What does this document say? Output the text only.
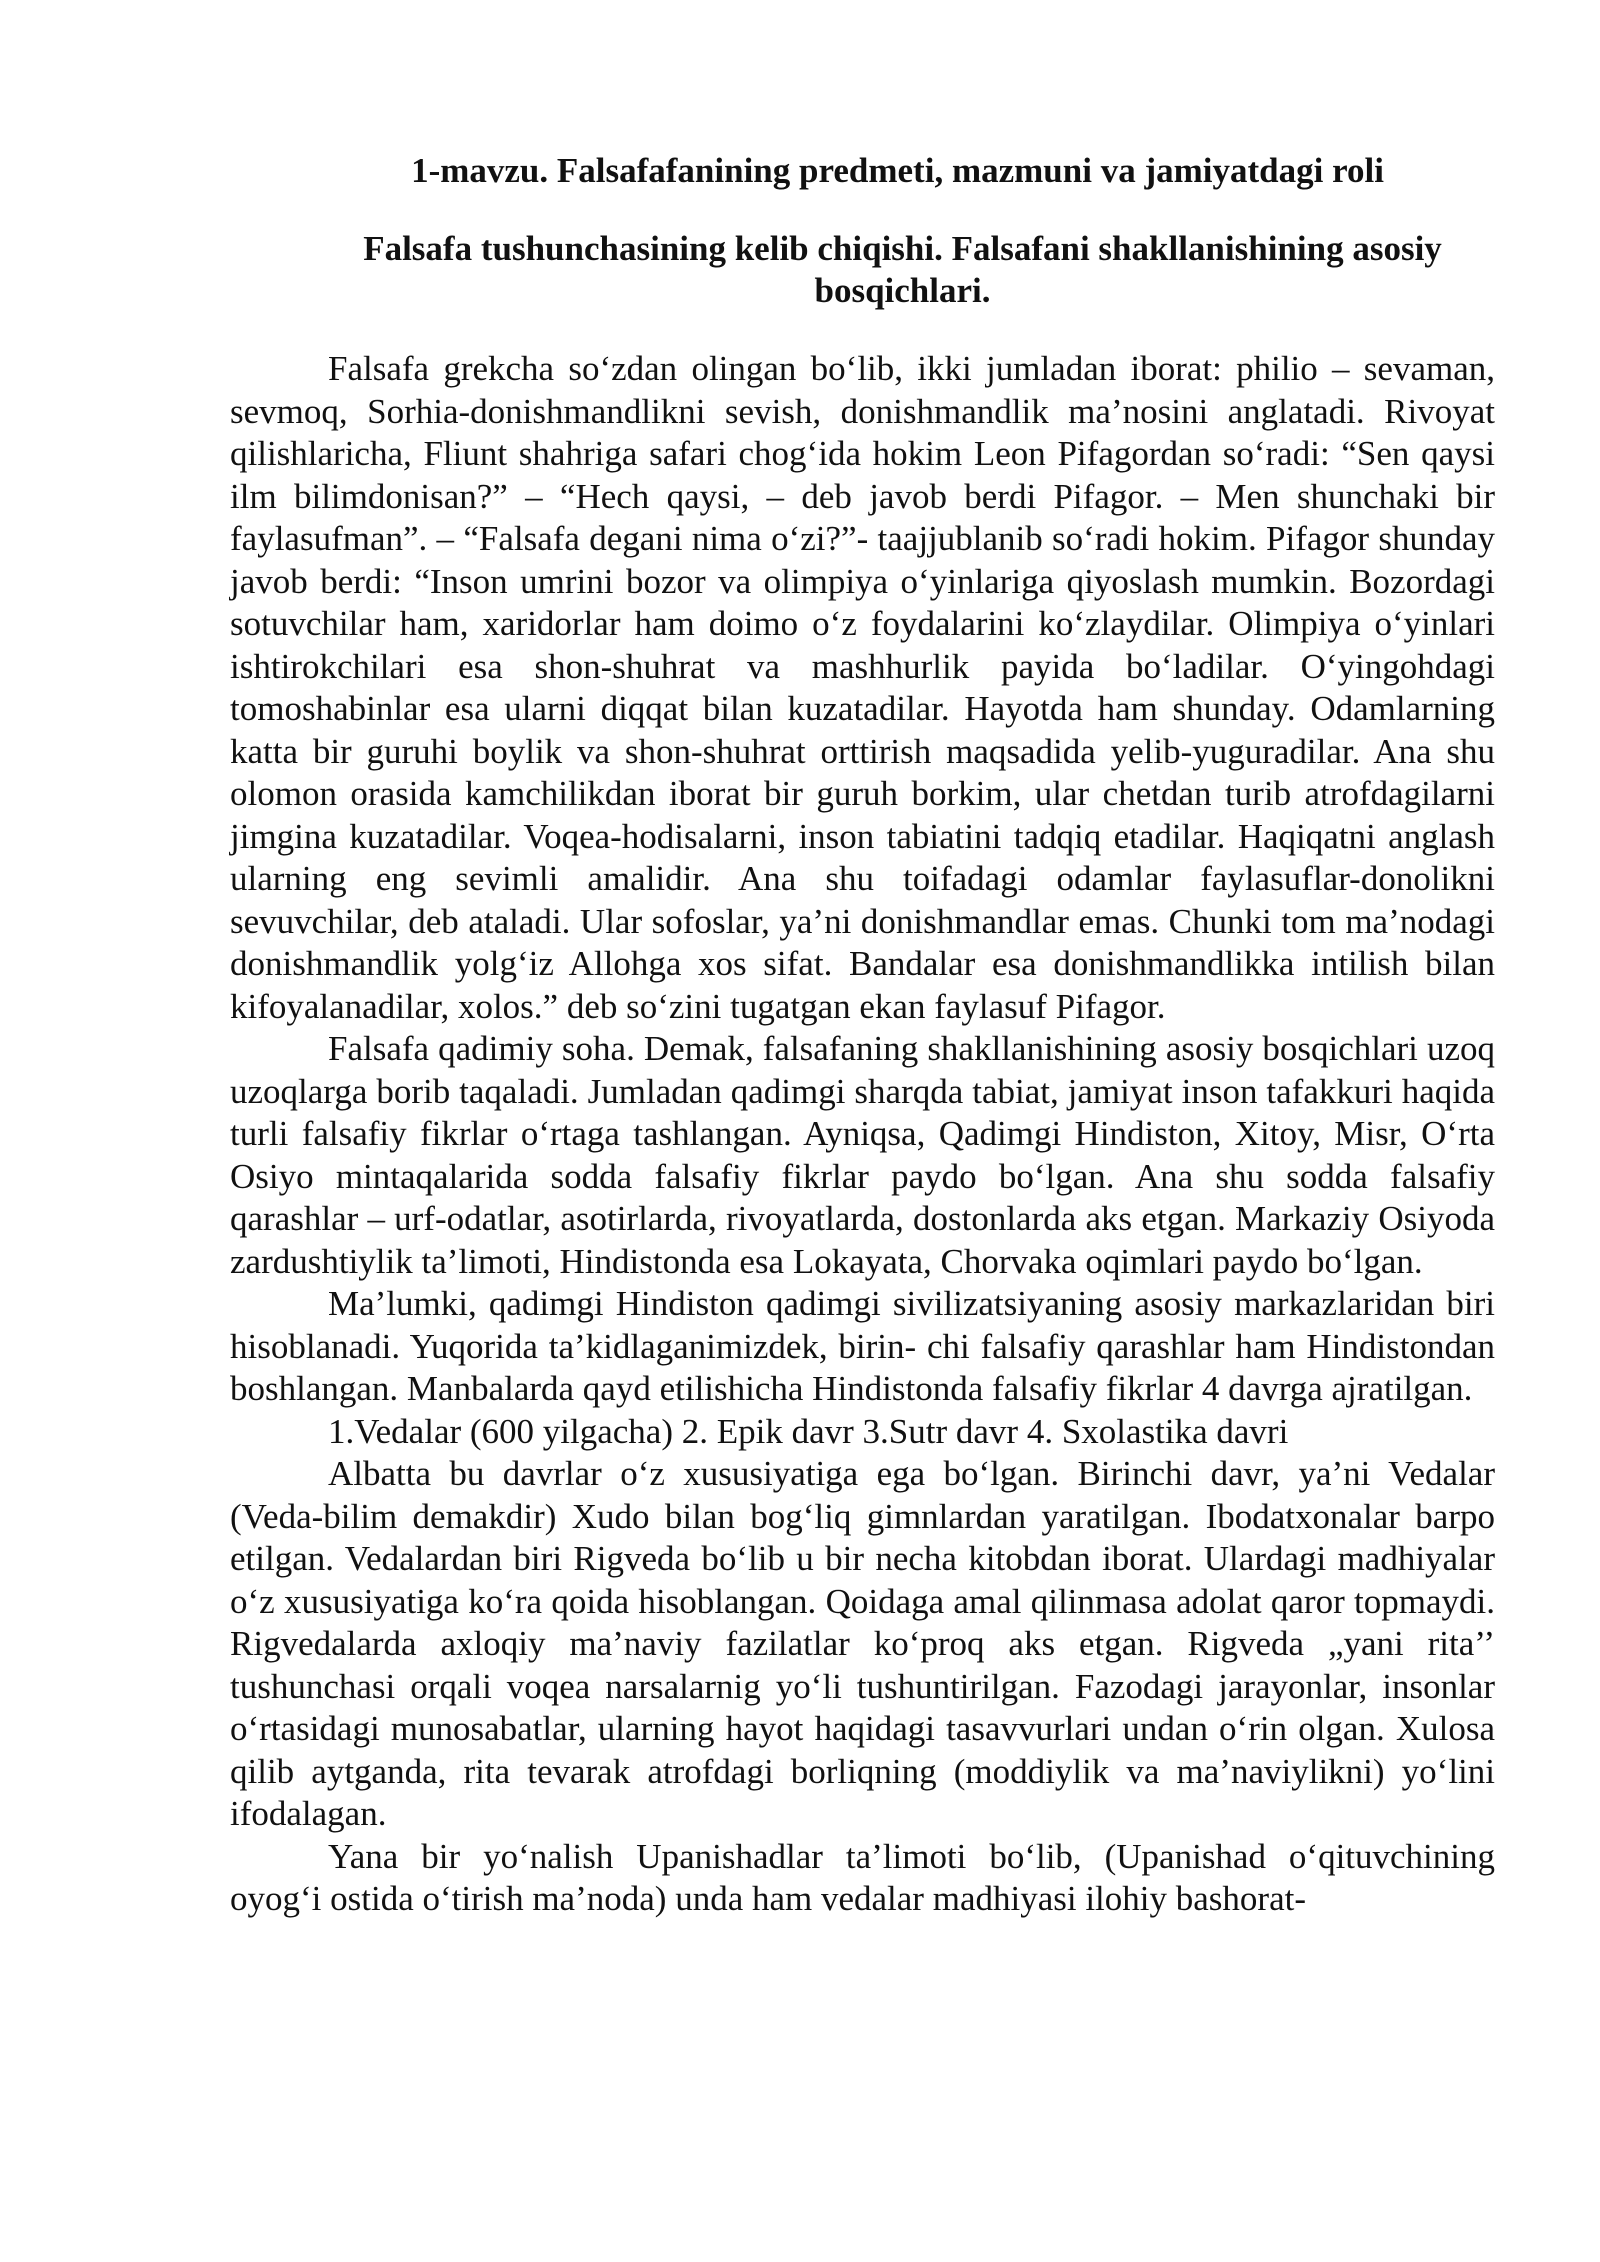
1-mavzu. Falsafafanining predmeti, mazmuni va jamiyatdagi roli
Falsafa tushunchasining kelib chiqishi. Falsafani shakllanishining asosiy bosqichlari.

Falsafa grekcha so‘zdan olingan bo‘lib, ikki jumladan iborat: philio – sevaman, sevmoq, Sorhia-donishmandlikni sevish, donishmandlik ma’nosini anglatadi. Rivoyat qilishlaricha, Fliunt shahriga safari chog‘ida hokim Leon Pifagordan so‘radi: “Sen qaysi ilm bilimdonisan?” – “Hech qaysi, – deb javob berdi Pifagor. – Men shunchaki bir faylasufman”. – “Falsafa degani nima o‘zi?”- taajjublanib so‘radi hokim. Pifagor shunday javob berdi: “Inson umrini bozor va olimpiya o‘yinlariga qiyoslash mumkin. Bozordagi sotuvchilar ham, xaridorlar ham doimo o‘z foydalarini ko‘zlaydilar. Olimpiya o‘yinlari ishtirokchilari esa shon-shuhrat va mashhurlik payida bo‘ladilar. O‘yingohdagi tomoshabinlar esa ularni diqqat bilan kuzatadilar. Hayotda ham shunday. Odamlarning katta bir guruhi boylik va shon-shuhrat orttirish maqsadida yelib-yuguradilar. Ana shu olomon orasida kamchilikdan iborat bir guruh borkim, ular chetdan turib atrofdagilarni jimgina kuzatadilar. Voqea-hodisalarni, inson tabiatini tadqiq etadilar. Haqiqatni anglash ularning eng sevimli amalidir. Ana shu toifadagi odamlar faylasuflar-donolikni sevuvchilar, deb ataladi. Ular sofoslar, ya’ni donishmandlar emas. Chunki tom ma’nodagi donishmandlik yolg‘iz Allohga xos sifat. Bandalar esa donishmandlikka intilish bilan kifoyalanadilar, xolos.” deb so‘zini tugatgan ekan faylasuf Pifagor.

Falsafa qadimiy soha. Demak, falsafaning shakllanishining asosiy bosqichlari uzoq uzoqlarga borib taqaladi. Jumladan qadimgi sharqda tabiat, jamiyat inson tafakkuri haqida turli falsafiy fikrlar o‘rtaga tashlangan. Ayniqsa, Qadimgi Hindiston, Xitoy, Misr, O‘rta Osiyo mintaqalarida sodda falsafiy fikrlar paydo bo‘lgan. Ana shu sodda falsafiy qarashlar – urf-odatlar, asotirlarda, rivoyatlarda, dostonlarda aks etgan. Markaziy Osiyoda zardushtiylik ta’limoti, Hindistonda esa Lokayata, Chorvaka oqimlari paydo bo‘lgan.

Ma’lumki, qadimgi Hindiston qadimgi sivilizatsiyaning asosiy markazlaridan biri hisoblanadi. Yuqorida ta’kidlaganimizdek, birin- chi falsafiy qarashlar ham Hindistondan boshlangan. Manbalarda qayd etilishicha Hindistonda falsafiy fikrlar 4 davrga ajratilgan.

1.Vedalar (600 yilgacha) 2. Epik davr 3.Sutr davr 4. Sxolastika davri

Albatta bu davrlar o‘z xususiyatiga ega bo‘lgan. Birinchi davr, ya’ni Vedalar (Veda-bilim demakdir) Xudo bilan bog‘liq gimnlardan yaratilgan. Ibodatxonalar barpo etilgan. Vedalardan biri Rigveda bo‘lib u bir necha kitobdan iborat. Ulardagi madhiyalar o‘z xususiyatiga ko‘ra qoida hisoblangan. Qoidaga amal qilinmasa adolat qaror topmaydi. Rigvedalarda axloqiy ma’naviy fazilatlar ko‘proq aks etgan. Rigveda „yani rita’’ tushunchasi orqali voqea narsalarnig yo‘li tushuntirilgan. Fazodagi jarayonlar, insonlar o‘rtasidagi munosabatlar, ularning hayot haqidagi tasavvurlari undan o‘rin olgan. Xulosa qilib aytganda, rita tevarak atrofdagi borliqning (moddiylik va ma’naviylikni) yo‘lini ifodalagan.

Yana bir yo‘nalish Upanishadlar ta’limoti bo‘lib, (Upanishad o‘qituvchining oyog‘i ostida o‘tirish ma’noda) unda ham vedalar madhiyasi ilohiy bashorat-
